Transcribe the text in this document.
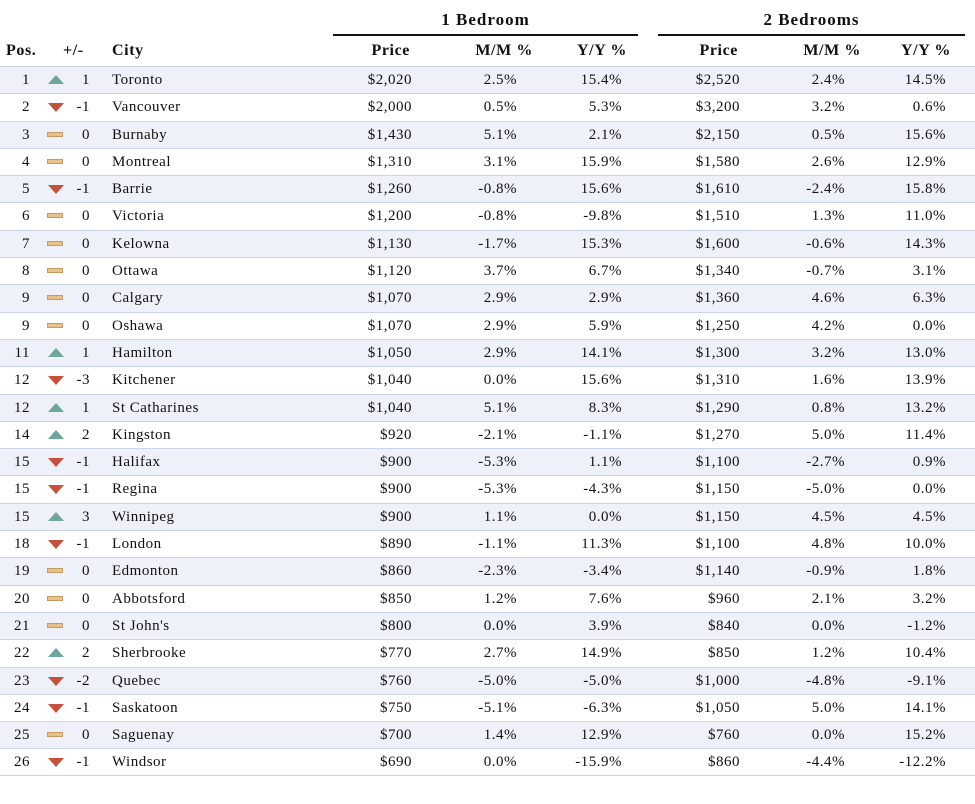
1 Bedroom	2 Bedrooms
Pos. +/- City	Price	M/M %	Y/Y %	Price	M/M %	Y/Y %
1	1 Toronto	$2,020	2.5%	15.4%	$2,520	2.4%	14.5%
2	-1 Vancouver	$2,000	0.5%	5.3%	$3,200	3.2%	0.6%
3	0 Burnaby	$1,430	5.1%	2.1%	$2,150	0.5%	15.6%
4	0 Montreal	$1,310	3.1%	15.9%	$1,580	2.6%	12.9%
5	-1 Barrie	$1,260	-0.8%	15.6%	$1,610	-2.4%	15.8%
6	0 Victoria	$1,200	-0.8%	-9.8%	$1,510	1.3%	11.0%
7	0 Kelowna	$1,130	-1.7%	15.3%	$1,600	-0.6%	14.3%
8	0 Ottawa	$1,120	3.7%	6.7%	$1,340	-0.7%	3.1%
9	0 Calgary	$1,070	2.9%	2.9%	$1,360	4.6%	6.3%
9	0 Oshawa	$1,070	2.9%	5.9%	$1,250	4.2%	0.0%
11	1 Hamilton	$1,050	2.9%	14.1%	$1,300	3.2%	13.0%
12	-3 Kitchener	$1,040	0.0%	15.6%	$1,310	1.6%	13.9%
12	1 St Catharines	$1,040	5.1%	8.3%	$1,290	0.8%	13.2%
14	2 Kingston	$920	-2.1%	-1.1%	$1,270	5.0%	11.4%
15	-1 Halifax	$900	-5.3%	1.1%	$1,100	-2.7%	0.9%
15	-1 Regina	$900	-5.3%	-4.3%	$1,150	-5.0%	0.0%
15	3 Winnipeg	$900	1.1%	0.0%	$1,150	4.5%	4.5%
18	-1 London	$890	-1.1%	11.3%	$1,100	4.8%	10.0%
19	0 Edmonton	$860	-2.3%	-3.4%	$1,140	-0.9%	1.8%
20	0 Abbotsford	$850	1.2%	7.6%	$960	2.1%	3.2%
21	0 St John's	$800	0.0%	3.9%	$840	0.0%	-1.2%
22	2 Sherbrooke	$770	2.7%	14.9%	$850	1.2%	10.4%
23	-2 Quebec	$760	-5.0%	-5.0%	$1,000	-4.8%	-9.1%
24	-1 Saskatoon	$750	-5.1%	-6.3%	$1,050	5.0%	14.1%
25	0 Saguenay	$700	1.4%	12.9%	$760	0.0%	15.2%
26	-1 Windsor	$690	0.0%	-15.9%	$860	-4.4%	-12.2%
